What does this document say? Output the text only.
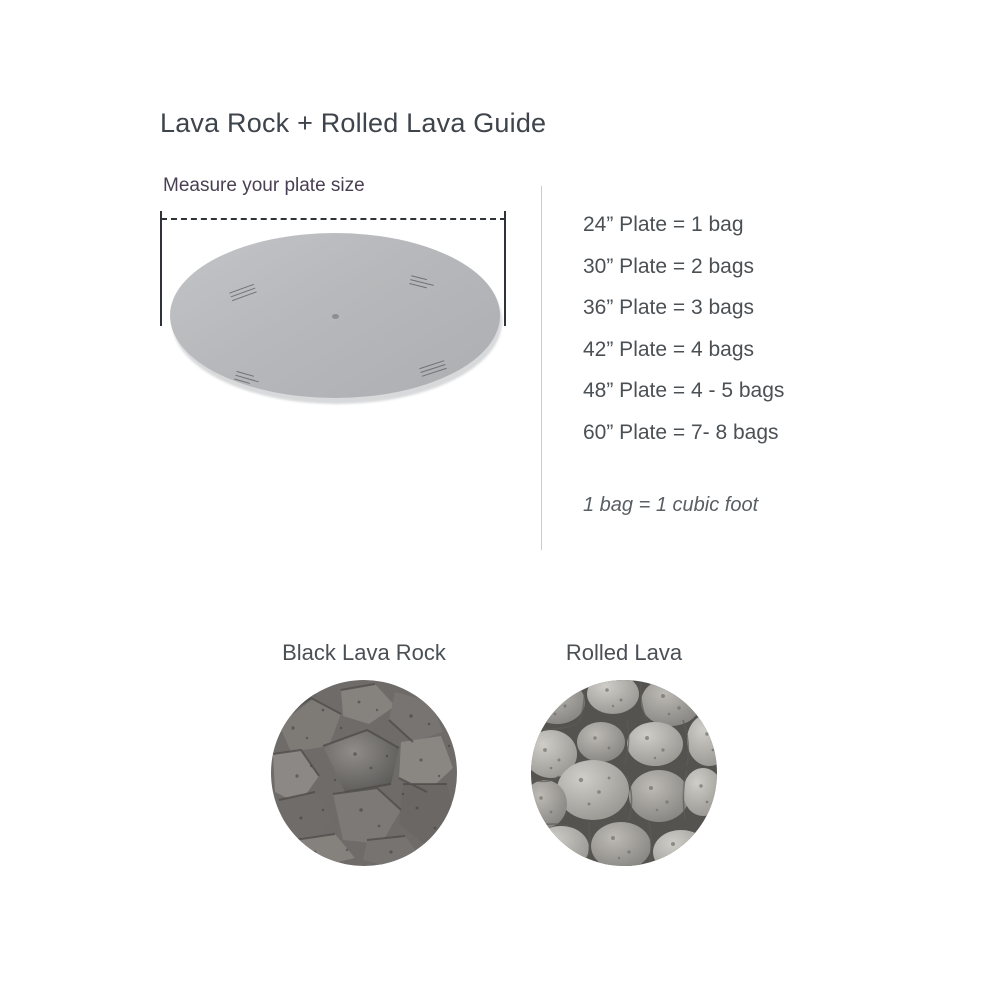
Lava Rock + Rolled Lava Guide
Measure your plate size
24” Plate = 1 bag
30” Plate = 2 bags
36” Plate = 3 bags
42” Plate = 4 bags
48” Plate = 4 - 5 bags
60” Plate = 7- 8 bags
1 bag = 1 cubic foot
Black Lava Rock	Rolled Lava
